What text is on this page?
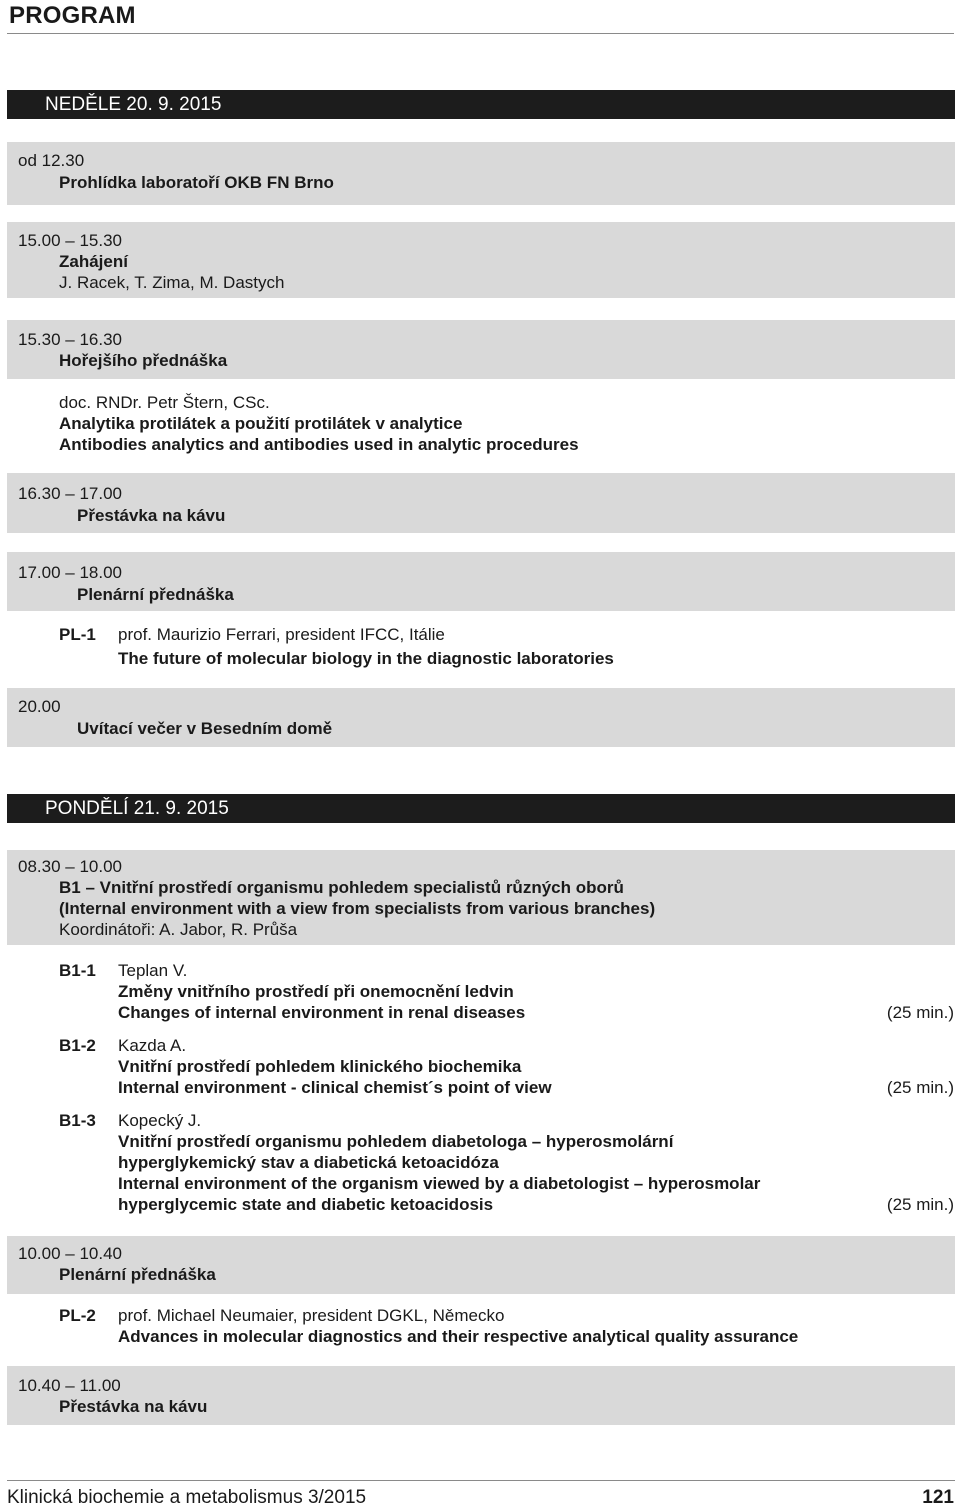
PROGRAM
NEDĚLE 20. 9. 2015
od 12.30
Prohlídka laboratoří OKB FN Brno
15.00 – 15.30
Zahájení
J. Racek, T. Zima, M. Dastych
15.30 – 16.30
Hořejšího přednáška
doc. RNDr. Petr Štern, CSc.
Analytika protilátek a použití protilátek v analytice
Antibodies analytics and antibodies used in analytic procedures
16.30 – 17.00
Přestávka na kávu
17.00 – 18.00
Plenární přednáška
PL-1 prof. Maurizio Ferrari, president IFCC, Itálie
The future of molecular biology in the diagnostic laboratories
20.00
Uvítací večer v Besedním domě
PONDĚLÍ 21. 9. 2015
08.30 – 10.00
B1 – Vnitřní prostředí organismu pohledem specialistů různých oborů
(Internal environment with a view from specialists from various branches)
Koordinátoři: A. Jabor, R. Průša
B1-1 Teplan V.
Změny vnitřního prostředí při onemocnění ledvin
Changes of internal environment in renal diseases	(25 min.)
B1-2 Kazda A.
Vnitřní prostředí pohledem klinického biochemika
Internal environment - clinical chemist´s point of view	(25 min.)
B1-3 Kopecký J.
Vnitřní prostředí organismu pohledem diabetologa – hyperosmolární
hyperglykemický stav a diabetická ketoacidóza
Internal environment of the organism viewed by a diabetologist – hyperosmolar
hyperglycemic state and diabetic ketoacidosis	(25 min.)
10.00 – 10.40
Plenární přednáška
PL-2 prof. Michael Neumaier, president DGKL, Německo
Advances in molecular diagnostics and their respective analytical quality assurance
10.40 – 11.00
Přestávka na kávu
Klinická biochemie a metabolismus 3/2015	121
